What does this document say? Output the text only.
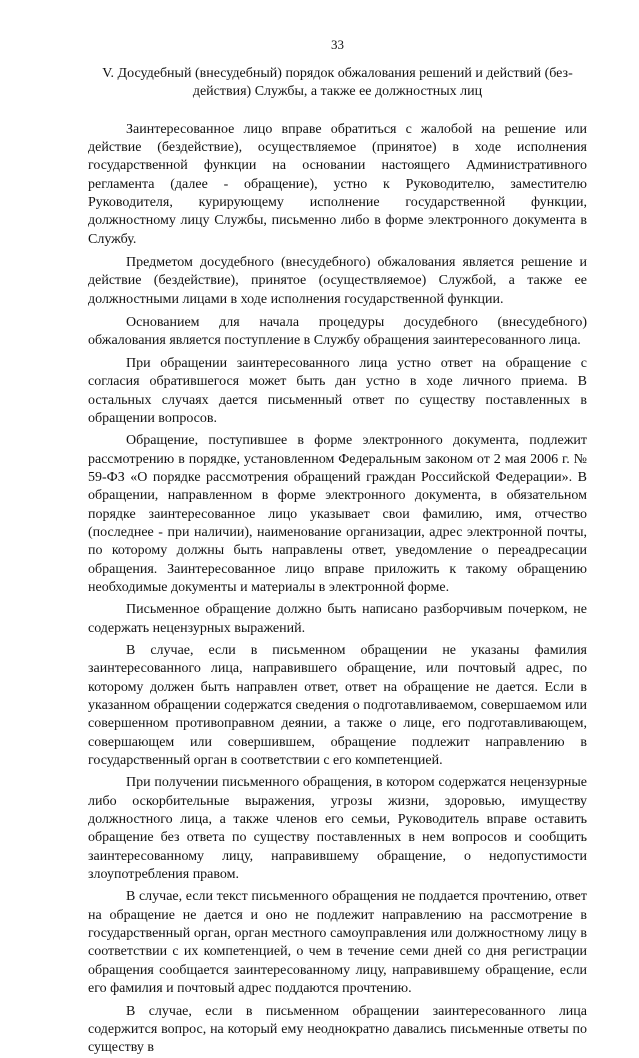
33
V. Досудебный (внесудебный) порядок обжалования решений и действий (без-
действия) Службы, а также ее должностных лиц

Заинтересованное лицо вправе обратиться с жалобой на решение или действие (бездействие), осуществляемое (принятое) в ходе исполнения государственной функции на основании настоящего Административного регламента (далее - обращение), устно к Руководителю, заместителю Руководителя, курирующему исполнение государственной функции, должностному лицу Службы, письменно либо в форме электронного документа в Службу.

Предметом досудебного (внесудебного) обжалования является решение и действие (бездействие), принятое (осуществляемое) Службой, а также ее должностными лицами в ходе исполнения государственной функции.

Основанием для начала процедуры досудебного (внесудебного) обжалования является поступление в Службу обращения заинтересованного лица.

При обращении заинтересованного лица устно ответ на обращение с согласия обратившегося может быть дан устно в ходе личного приема. В остальных случаях дается письменный ответ по существу поставленных в обращении вопросов.

Обращение, поступившее в форме электронного документа, подлежит рассмотрению в порядке, установленном Федеральным законом от 2 мая 2006 г. № 59-ФЗ «О порядке рассмотрения обращений граждан Российской Федерации». В обращении, направленном в форме электронного документа, в обязательном порядке заинтересованное лицо указывает свои фамилию, имя, отчество (последнее - при наличии), наименование организации, адрес электронной почты, по которому должны быть направлены ответ, уведомление о переадресации обращения. Заинтересованное лицо вправе приложить к такому обращению необходимые документы и материалы в электронной форме.

Письменное обращение должно быть написано разборчивым почерком, не содержать нецензурных выражений.

В случае, если в письменном обращении не указаны фамилия заинтересованного лица, направившего обращение, или почтовый адрес, по которому должен быть направлен ответ, ответ на обращение не дается. Если в указанном обращении содержатся сведения о подготавливаемом, совершаемом или совершенном противоправном деянии, а также о лице, его подготавливающем, совершающем или совершившем, обращение подлежит направлению в государственный орган в соответствии с его компетенцией.

При получении письменного обращения, в котором содержатся нецензурные либо оскорбительные выражения, угрозы жизни, здоровью, имуществу должностного лица, а также членов его семьи, Руководитель вправе оставить обращение без ответа по существу поставленных в нем вопросов и сообщить заинтересованному лицу, направившему обращение, о недопустимости злоупотребления правом.

В случае, если текст письменного обращения не поддается прочтению, ответ на обращение не дается и оно не подлежит направлению на рассмотрение в государственный орган, орган местного самоуправления или должностному лицу в соответствии с их компетенцией, о чем в течение семи дней со дня регистрации обращения сообщается заинтересованному лицу, направившему обращение, если его фамилия и почтовый адрес поддаются прочтению.

В случае, если в письменном обращении заинтересованного лица содержится вопрос, на который ему неоднократно давались письменные ответы по существу в
